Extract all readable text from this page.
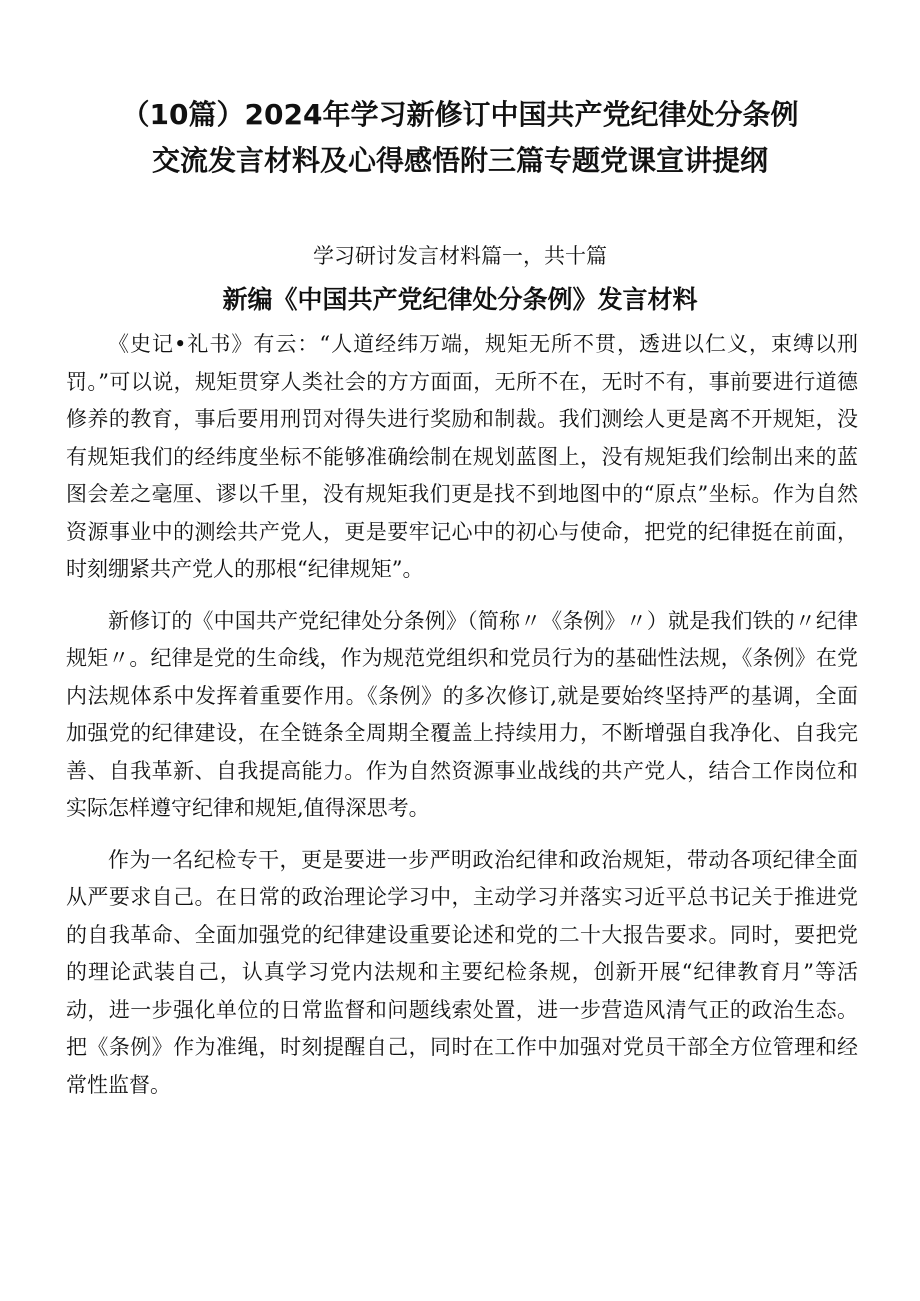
（10篇）2024年学习新修订中国共产党纪律处分条例
交流发言材料及心得感悟附三篇专题党课宣讲提纲

学习研讨发言材料篇一，共十篇

新编《中国共产党纪律处分条例》发言材料

《史记•礼书》有云：“人道经纬万端，规矩无所不贯，透进以仁义，束缚以刑罚。”可以说，规矩贯穿人类社会的方方面面，无所不在，无时不有，事前要进行道德修养的教育，事后要用刑罚对得失进行奖励和制裁。我们测绘人更是离不开规矩，没有规矩我们的经纬度坐标不能够准确绘制在规划蓝图上，没有规矩我们绘制出来的蓝图会差之毫厘、谬以千里，没有规矩我们更是找不到地图中的“原点”坐标。作为自然资源事业中的测绘共产党人，更是要牢记心中的初心与使命，把党的纪律挺在前面，时刻绷紧共产党人的那根“纪律规矩”。

新修订的《中国共产党纪律处分条例》（简称〃《条例》〃）就是我们铁的〃纪律规矩〃。纪律是党的生命线，作为规范党组织和党员行为的基础性法规，《条例》在党内法规体系中发挥着重要作用。《条例》的多次修订,就是要始终坚持严的基调，全面加强党的纪律建设，在全链条全周期全覆盖上持续用力，不断增强自我净化、自我完善、自我革新、自我提高能力。作为自然资源事业战线的共产党人，结合工作岗位和实际怎样遵守纪律和规矩,值得深思考。

作为一名纪检专干，更是要进一步严明政治纪律和政治规矩，带动各项纪律全面从严要求自己。在日常的政治理论学习中，主动学习并落实习近平总书记关于推进党的自我革命、全面加强党的纪律建设重要论述和党的二十大报告要求。同时，要把党的理论武装自己，认真学习党内法规和主要纪检条规，创新开展“纪律教育月”等活动，进一步强化单位的日常监督和问题线索处置，进一步营造风清气正的政治生态。把《条例》作为准绳，时刻提醒自己，同时在工作中加强对党员干部全方位管理和经常性监督。
